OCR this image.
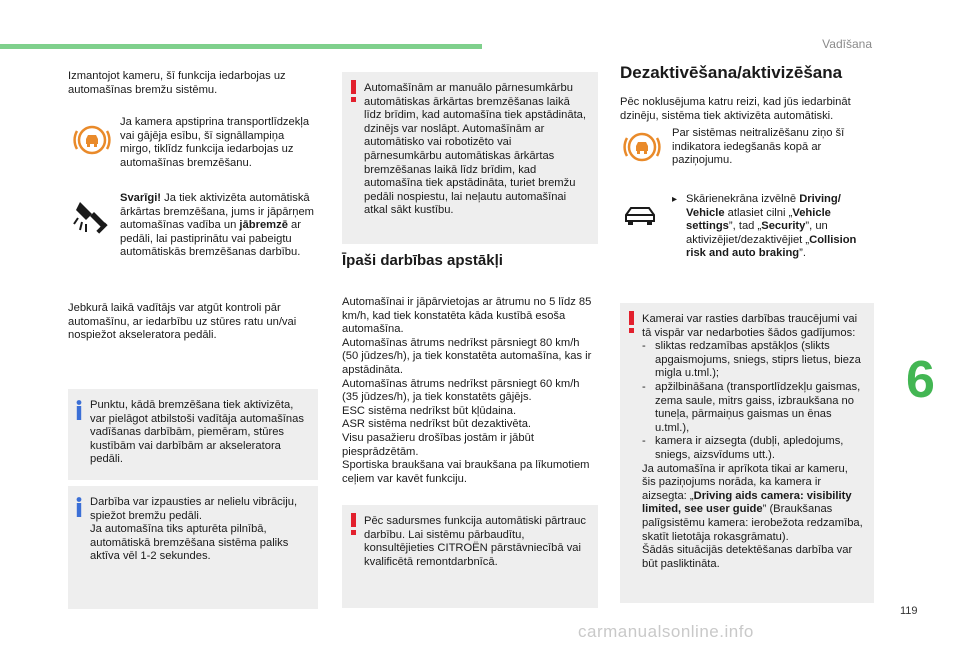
Vadīšana

Izmantojot kameru, šī funkcija iedarbojas uz automašīnas bremžu sistēmu.

Ja kamera apstiprina transportlīdzekļa vai gājēja esību, šī signāllampiņa mirgo, tiklīdz funkcija iedarbojas uz automašīnas bremzēšanu.

Svarīgi! Ja tiek aktivizēta automātiskā ārkārtas bremzēšana, jums ir jāpārņem automašīnas vadība un jābremzē ar pedāli, lai pastiprinātu vai pabeigtu automātiskās bremzēšanas darbību.

Jebkurā laikā vadītājs var atgūt kontroli pār automašīnu, ar iedarbību uz stūres ratu un/vai nospiežot akseleratora pedāli.

Punktu, kādā bremzēšana tiek aktivizēta, var pielāgot atbilstoši vadītāja automašīnas vadīšanas darbībām, piemēram, stūres kustībām vai darbībām ar akseleratora pedāli.

Darbība var izpausties ar nelielu vibrāciju, spiežot bremžu pedāli.

Ja automašīna tiks apturēta pilnībā, automātiskā bremzēšana sistēma paliks aktīva vēl 1-2 sekundes.

Automašīnām ar manuālo pārnesumkārbu automātiskas ārkārtas bremzēšanas laikā līdz brīdim, kad automašīna tiek apstādināta, dzinējs var noslāpt. Automašīnām ar automātisko vai robotizēto vai pārnesumkārbu automātiskas ārkārtas bremzēšanas laikā līdz brīdim, kad automašīna tiek apstādināta, turiet bremžu pedāli nospiestu, lai neļautu automašīnai atkal sākt kustību.

Īpaši darbības apstākļi

Automašīnai ir jāpārvietojas ar ātrumu no 5 līdz 85 km/h, kad tiek konstatēta kāda kustībā esoša automašīna.

Automašīnas ātrums nedrīkst pārsniegt 80 km/h (50 jūdzes/h), ja tiek konstatēta automašīna, kas ir apstādināta.

Automašīnas ātrums nedrīkst pārsniegt 60 km/h (35 jūdzes/h), ja tiek konstatēts gājējs.

ESC sistēma nedrīkst būt kļūdaina.

ASR sistēma nedrīkst būt dezaktivēta.

Visu pasažieru drošības jostām ir jābūt piesprādzētām.

Sportiska braukšana vai braukšana pa līkumotiem ceļiem var kavēt funkciju.

Pēc sadursmes funkcija automātiski pārtrauc darbību. Lai sistēmu pārbaudītu, konsultējieties CITROËN pārstāvniecībā vai kvalificētā remontdarbnīcā.

Dezaktivēšana/aktivizēšana

Pēc noklusējuma katru reizi, kad jūs iedarbināt dzinēju, sistēma tiek aktivizēta automātiski.

Par sistēmas neitralizēšanu ziņo šī indikatora iedegšanās kopā ar paziņojumu.

▸ Skārienekrāna izvēlnē Driving/ Vehicle atlasiet cilni „Vehicle settings”, tad „Security”, un aktivizējiet/dezaktivējiet „Collision risk and auto braking”.

Kamerai var rasties darbības traucējumi vai tā vispār var nedarboties šādos gadījumos:

- sliktas redzamības apstākļos (slikts apgaismojums, sniegs, stiprs lietus, bieza migla u.tml.);
- apžilbināšana (transportlīdzekļu gaismas, zema saule, mitrs gaiss, izbraukšana no tuneļa, pārmaiņus gaismas un ēnas u.tml.),
- kamera ir aizsegta (dubļi, apledojums, sniegs, aizsvīdums utt.).

Ja automašīna ir aprīkota tikai ar kameru, šis paziņojums norāda, ka kamera ir aizsegta: „Driving aids camera: visibility limited, see user guide” (Braukšanas palīgsistēmu kamera: ierobežota redzamība, skatīt lietotāja rokasgrāmatu).

Šādās situācijās detektēšanas darbība var būt pasliktināta.

6
119
carmanualsonline.info
